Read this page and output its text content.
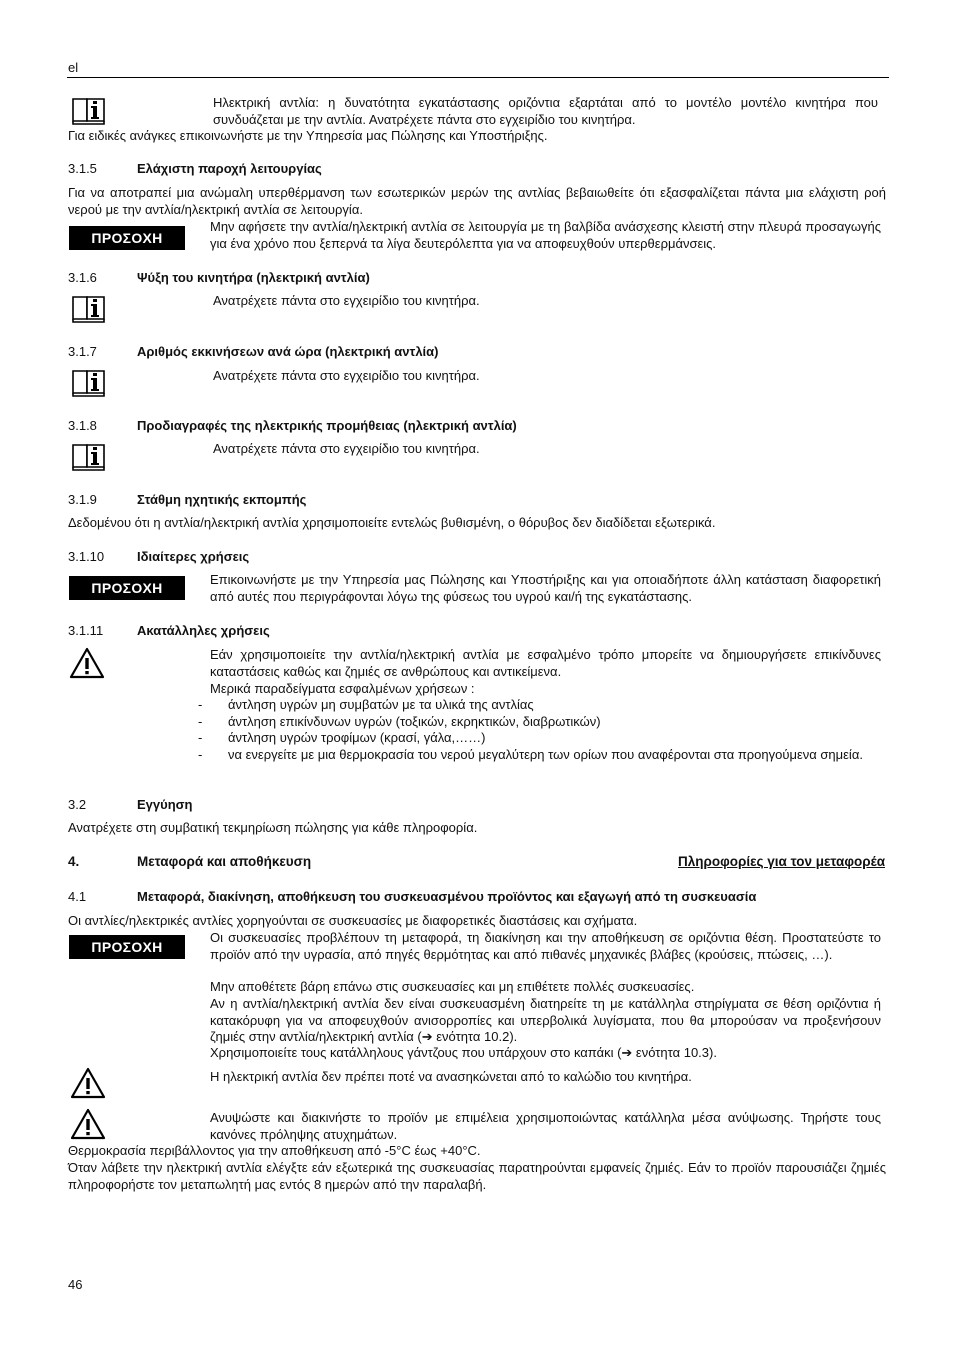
el

Ηλεκτρική αντλία: η δυνατότητα εγκατάστασης οριζόντια εξαρτάται από το μοντέλο μοντέλο κινητήρα που συνδυάζεται με την αντλία. Ανατρέχετε πάντα στο εγχειρίδιο του κινητήρα.

Για ειδικές ανάγκες επικοινωνήστε με την Υπηρεσία μας Πώλησης και Υποστήριξης.

3.1.5	Ελάχιστη παροχή λειτουργίας

Για να αποτραπεί μια ανώμαλη υπερθέρμανση των εσωτερικών μερών της αντλίας βεβαιωθείτε ότι εξασφαλίζεται πάντα μια ελάχιστη ροή νερού με την αντλία/ηλεκτρική αντλία σε λειτουργία.

ΠΡΟΣΟΧΗ

Μην αφήσετε την αντλία/ηλεκτρική αντλία σε λειτουργία με τη βαλβίδα ανάσχεσης κλειστή στην πλευρά προσαγωγής για ένα χρόνο που ξεπερνά τα λίγα δευτερόλεπτα για να αποφευχθούν υπερθερμάνσεις.

3.1.6	Ψύξη του κινητήρα (ηλεκτρική αντλία)

Ανατρέχετε πάντα στο εγχειρίδιο του κινητήρα.

3.1.7	Αριθμός εκκινήσεων ανά ώρα (ηλεκτρική αντλία)

Ανατρέχετε πάντα στο εγχειρίδιο του κινητήρα.

3.1.8	Προδιαγραφές της ηλεκτρικής προμήθειας (ηλεκτρική αντλία)

Ανατρέχετε πάντα στο εγχειρίδιο του κινητήρα.

3.1.9	Στάθμη ηχητικής εκπομπής

Δεδομένου ότι η αντλία/ηλεκτρική αντλία χρησιμοποιείτε εντελώς βυθισμένη, ο θόρυβος δεν διαδίδεται εξωτερικά.

3.1.10	Ιδιαίτερες χρήσεις
ΠΡΟΣΟΧΗ

Επικοινωνήστε με την Υπηρεσία μας Πώλησης και Υποστήριξης και για οποιαδήποτε άλλη κατάσταση διαφορετική από αυτές που περιγράφονται λόγω της φύσεως του υγρού και/ή της εγκατάστασης.

3.1.11	Ακατάλληλες χρήσεις

Εάν χρησιμοποιείτε την αντλία/ηλεκτρική αντλία με εσφαλμένο τρόπο μπορείτε να δημιουργήσετε επικίνδυνες καταστάσεις καθώς και ζημιές σε ανθρώπους και αντικείμενα.

Μερικά παραδείγματα εσφαλμένων χρήσεων :

- άντληση υγρών μη συμβατών με τα υλικά της αντλίας
- άντληση επικίνδυνων υγρών (τοξικών, εκρηκτικών, διαβρωτικών)
- άντληση υγρών τροφίμων (κρασί, γάλα,……)
- να ενεργείτε με μια θερμοκρασία του νερού μεγαλύτερη των ορίων που αναφέρονται στα προηγούμενα σημεία.
3.2	Εγγύηση

Ανατρέχετε στη συμβατική τεκμηρίωση πώλησης για κάθε πληροφορία.

4.	Μεταφορά και αποθήκευση	Πληροφορίες για τον μεταφορέα
4.1	Μεταφορά, διακίνηση, αποθήκευση του συσκευασμένου προϊόντος και εξαγωγή από τη συσκευασία

Οι αντλίες/ηλεκτρικές αντλίες χορηγούνται σε συσκευασίες με διαφορετικές διαστάσεις και σχήματα.

ΠΡΟΣΟΧΗ

Οι συσκευασίες προβλέπουν τη μεταφορά, τη διακίνηση και την αποθήκευση σε οριζόντια θέση. Προστατεύστε το προϊόν από την υγρασία, από πηγές θερμότητας και από πιθανές μηχανικές βλάβες (κρούσεις, πτώσεις, …).

Μην αποθέτετε βάρη επάνω στις συσκευασίες και μη επιθέτετε πολλές συσκευασίες.

Αν η αντλία/ηλεκτρική αντλία δεν είναι συσκευασμένη διατηρείτε τη με κατάλληλα στηρίγματα σε θέση οριζόντια ή κατακόρυφη για να αποφευχθούν ανισορροπίες και υπερβολικά λυγίσματα, που θα μπορούσαν να προξενήσουν ζημιές στην αντλία/ηλεκτρική αντλία (➔ ενότητα 10.2).

Χρησιμοποιείτε τους κατάλληλους γάντζους που υπάρχουν στο καπάκι (➔ ενότητα 10.3).

Η ηλεκτρική αντλία δεν πρέπει ποτέ να ανασηκώνεται από το καλώδιο του κινητήρα.

Ανυψώστε και διακινήστε το προϊόν με επιμέλεια χρησιμοποιώντας κατάλληλα μέσα ανύψωσης. Τηρήστε τους κανόνες πρόληψης ατυχημάτων.

Θερμοκρασία περιβάλλοντος για την αποθήκευση από -5°C έως +40°C.

Όταν λάβετε την ηλεκτρική αντλία ελέγξτε εάν εξωτερικά της συσκευασίας παρατηρούνται εμφανείς ζημιές. Εάν το προϊόν παρουσιάζει ζημιές πληροφορήστε τον μεταπωλητή μας εντός 8 ημερών από την παραλαβή.

46
